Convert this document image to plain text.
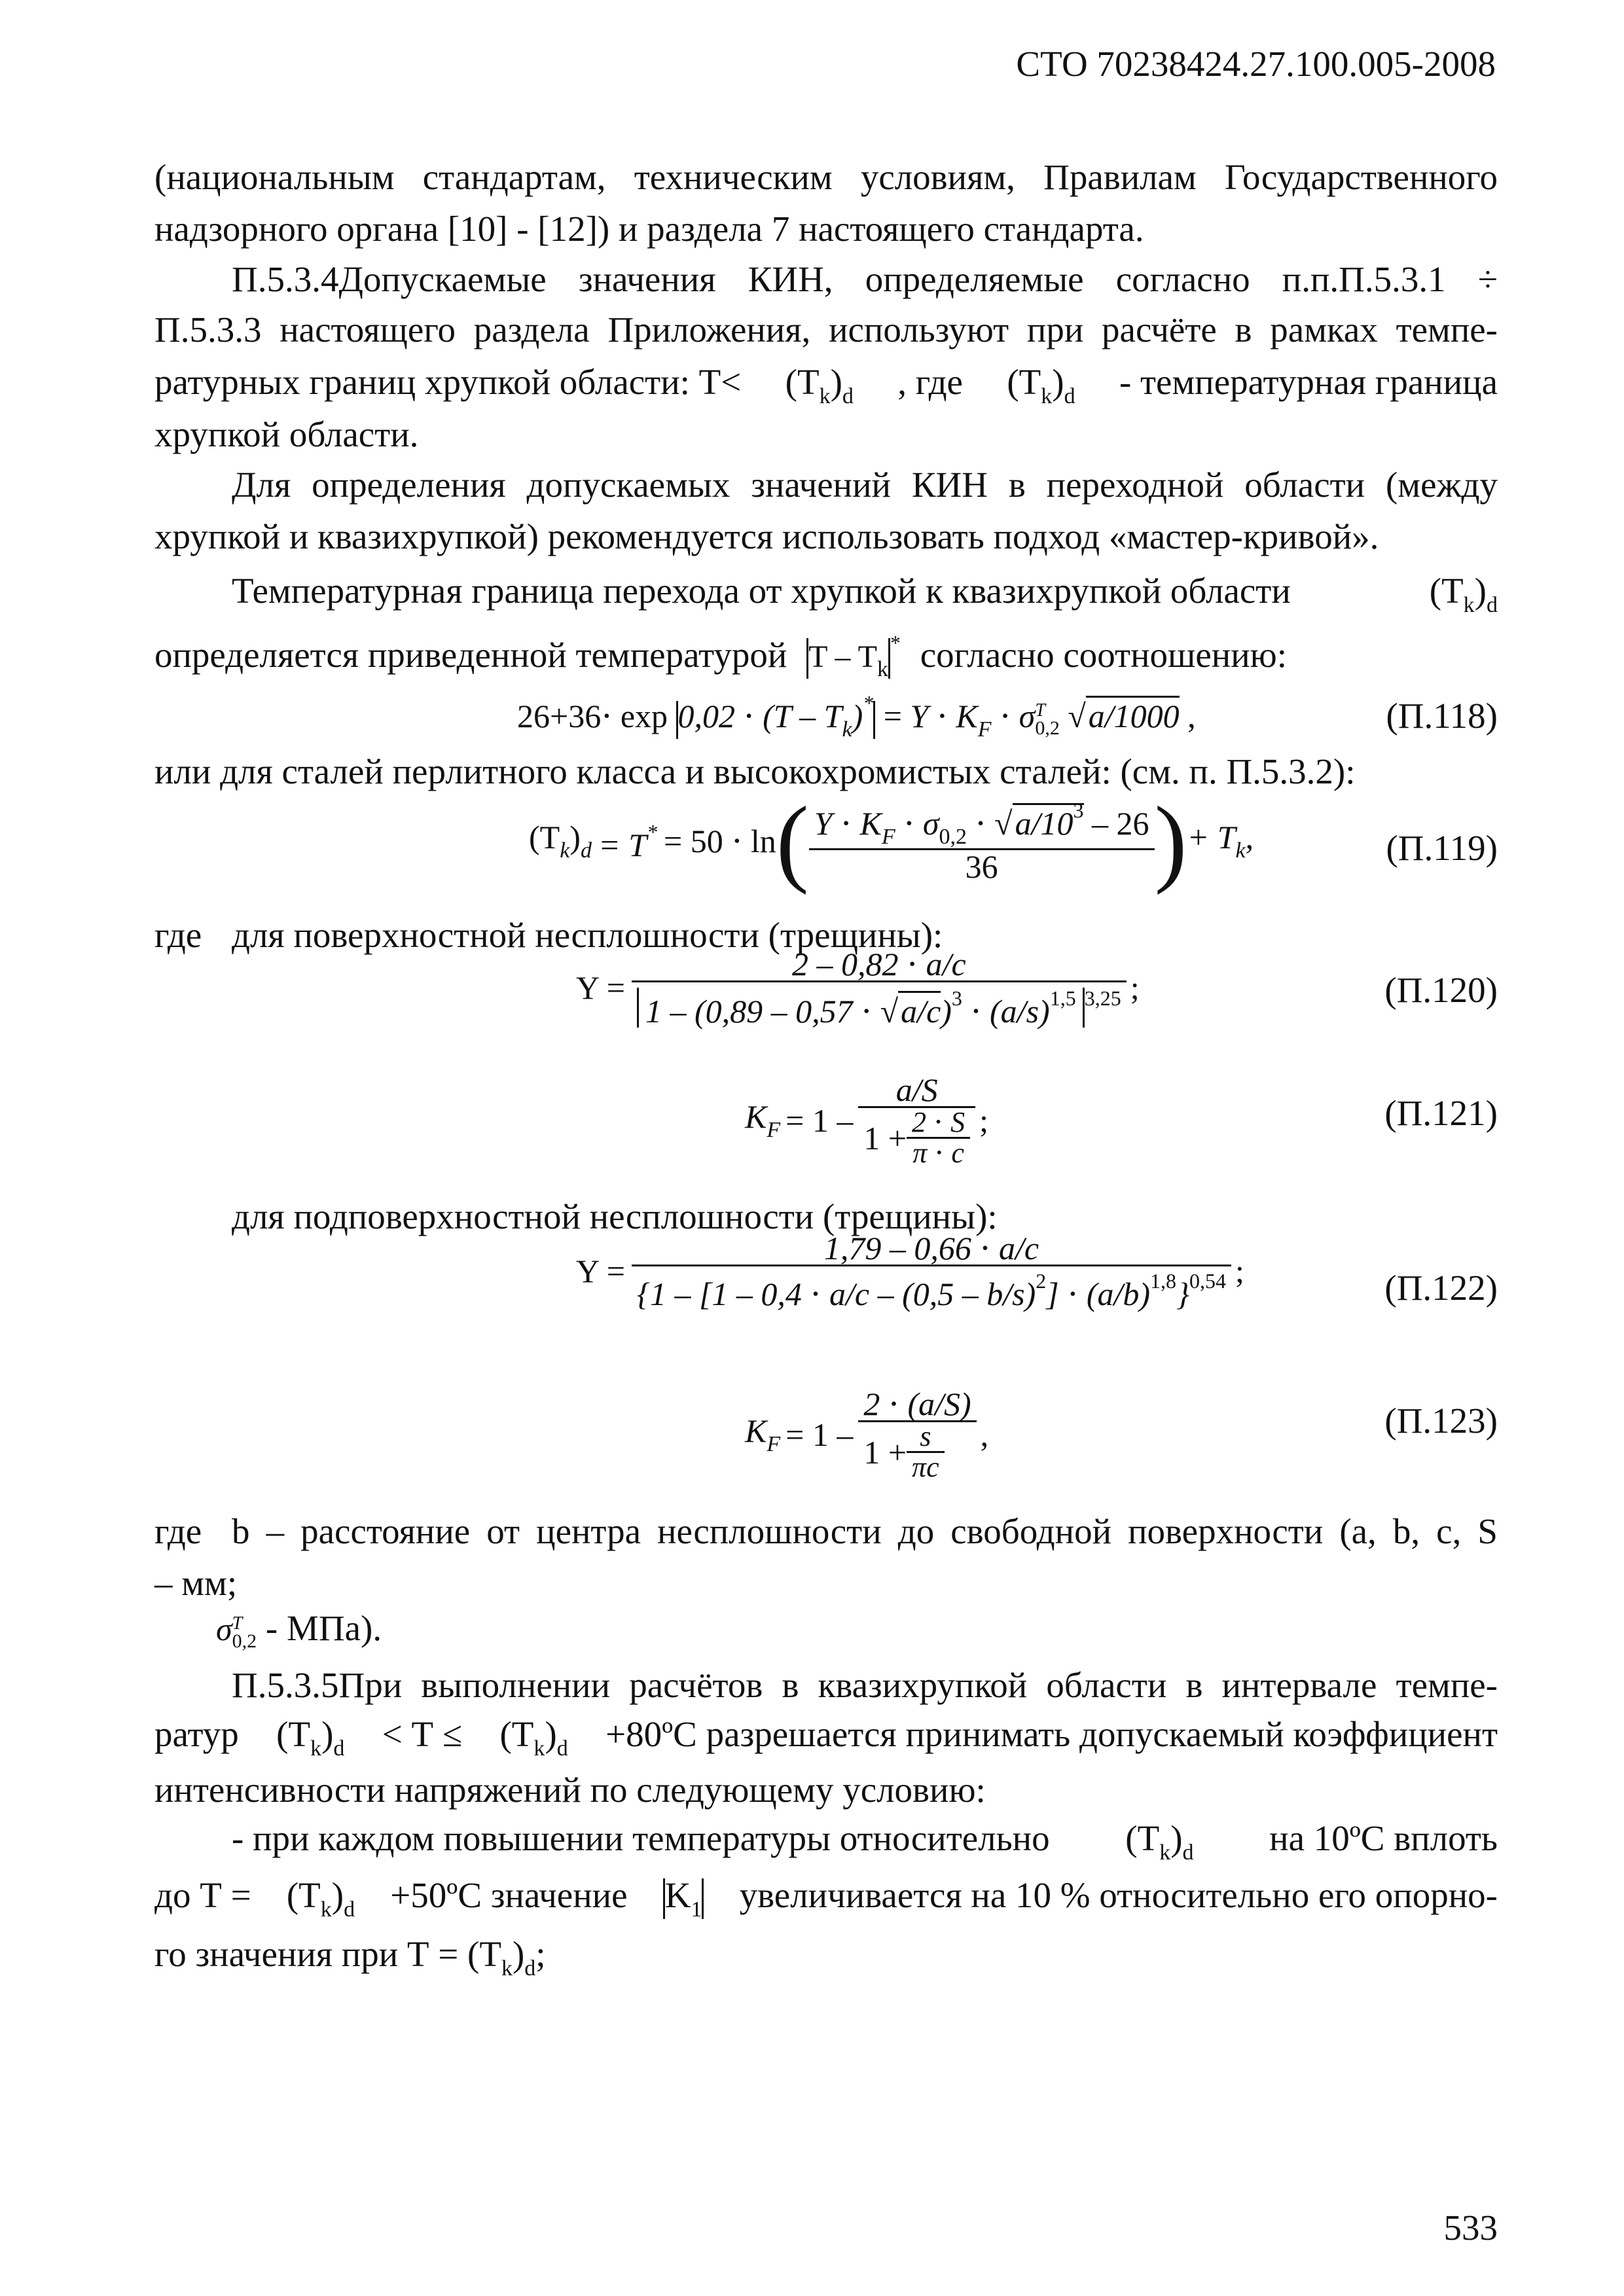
СТО 70238424.27.100.005-2008
(национальным стандартам, техническим условиям, Правилам Государственного
надзорного органа [10] - [12]) и раздела 7 настоящего стандарта.
П.5.3.4Допускаемые значения КИН, определяемые согласно п.п.П.5.3.1 ÷
П.5.3.3 настоящего раздела Приложения, используют при расчёте в рамках темпе-
ратурных границ хрупкой области: $Т< (T_k)_d$ , где $(T_k)_d$ - температурная граница
хрупкой области.
Для определения допускаемых значений КИН в переходной области (между
хрупкой и квазихрупкой) рекомендуется использовать подход «мастер-кривой».
Температурная граница перехода от хрупкой к квазихрупкой области	$(T_k)_d$
определяется приведенной температурой T – $T_k^*$ согласно соотношению:
$26+36\cdot \exp 0,02 \cdot (T - T_k)^* = Y \cdot K_F \cdot \sigma$ T
0,2 √a/1000 ,	(П.118)
или для сталей перлитного класса и высокохромистых сталей: (см. п. П.5.3.2):
$(T_k)_d = T^* = 50 \cdot \ln$ ( $\frac{Y \cdot K_F \cdot \sigma_{0,2} \cdot √a/10^3 - 26}{36}$ ) + $T_k$,	(П.119)
где для поверхностной несплошности (трещины):
$Y = \frac{2 - 0,82 \cdot a/c}{1 - (0,89 - 0,57 \cdot √a/c)^3 \cdot (a/s)^{1,5} ^{3,25}}$ ;	(П.120)
$K_F = 1 - \frac{a/S}{1 + \frac{2 \cdot S}{\pi \cdot c}}$ ;	(П.121)
для подповерхностной несплошности (трещины):
$Y = \frac{1,79 - 0,66 \cdot a/c}{\{1 - [1 - 0,4 \cdot a/c - (0,5 - b/s)^2] \cdot (a/b)^{1,8}\}^{0,54}}$ ;	(П.122)
$K_F = 1 - \frac{2 \cdot (a/S)}{1 + \frac{s}{\pi c}}$ ,	(П.123)
где b – расстояние от центра несплошности до свободной поверхности (a, b, c, S
– мм;
σ T
0,2 - МПа).
П.5.3.5При выполнении расчётов в квазихрупкой области в интервале темпе-
ратур $(T_k)_d < Т \le (T_k)_d$ +80ºС разрешается принимать допускаемый коэффициент
интенсивности напряжений по следующему условию:
- при каждом повышении температуры относительно $(T_k)_d$ на 10ºС вплоть
до $Т = (T_k)_d$ +50ºС значение $K_1$ увеличивается на 10 % относительно его опорно-
го значения при $Т = (T_k)_d$;
533
